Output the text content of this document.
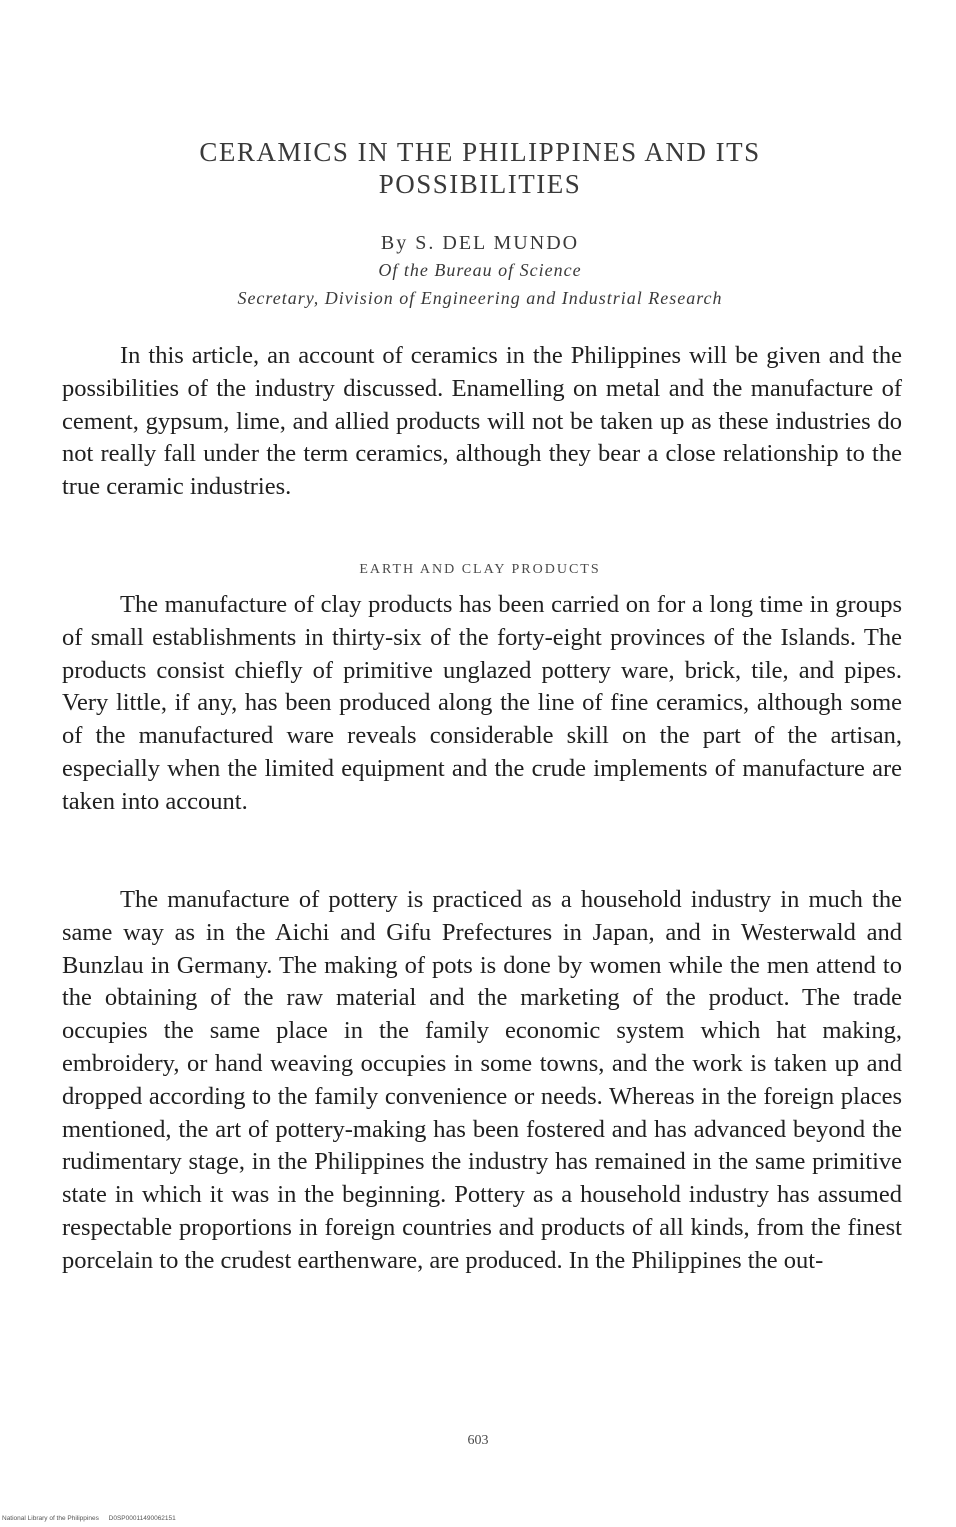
CERAMICS IN THE PHILIPPINES AND ITS POSSIBILITIES

By S. DEL MUNDO

Of the Bureau of Science

Secretary, Division of Engineering and Industrial Research

In this article, an account of ceramics in the Philippines will be given and the possibilities of the industry discussed. Enamelling on metal and the manufacture of cement, gypsum, lime, and allied products will not be taken up as these industries do not really fall under the term ceramics, although they bear a close relationship to the true ceramic industries.

EARTH AND CLAY PRODUCTS

The manufacture of clay products has been carried on for a long time in groups of small establishments in thirty-six of the forty-eight provinces of the Islands. The products consist chiefly of primitive unglazed pottery ware, brick, tile, and pipes. Very little, if any, has been produced along the line of fine ceramics, although some of the manufactured ware reveals considerable skill on the part of the artisan, especially when the limited equipment and the crude implements of manufacture are taken into account.

The manufacture of pottery is practiced as a household industry in much the same way as in the Aichi and Gifu Prefectures in Japan, and in Westerwald and Bunzlau in Germany. The making of pots is done by women while the men attend to the obtaining of the raw material and the marketing of the product. The trade occupies the same place in the family economic system which hat making, embroidery, or hand weaving occupies in some towns, and the work is taken up and dropped according to the family convenience or needs. Whereas in the foreign places mentioned, the art of pottery-making has been fostered and has advanced beyond the rudimentary stage, in the Philippines the industry has remained in the same primitive state in which it was in the beginning. Pottery as a household industry has assumed respectable proportions in foreign countries and products of all kinds, from the finest porcelain to the crudest earthenware, are produced. In the Philippines the out-

603

National Library of the Philippines D0SP00011490062151
